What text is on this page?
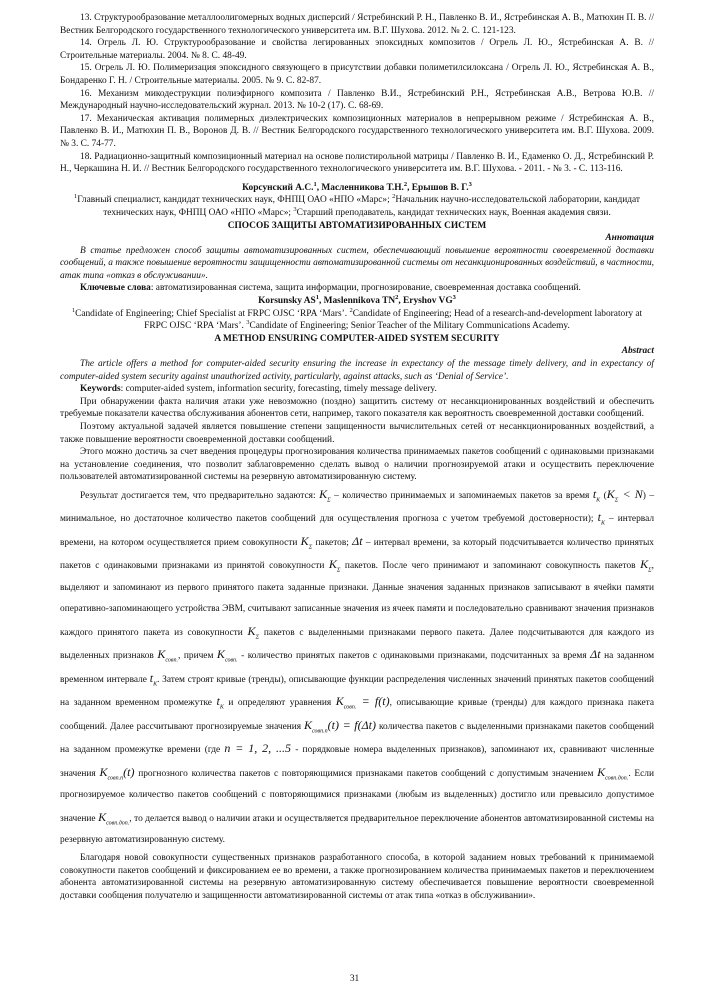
13. Структурообразование металлоолигомерных водных дисперсий / Ястребинский Р. Н., Павленко В. И., Ястребинская А. В., Матюхин П. В. // Вестник Белгородского государственного технологического университета им. В.Г. Шухова. 2012. № 2. С. 121-123.

14. Огрель Л. Ю. Структурообразование и свойства легированных эпоксидных композитов / Огрель Л. Ю., Ястребинская А. В. // Строительные материалы. 2004. № 8. С. 48-49.

15. Огрель Л. Ю. Полимеризация эпоксидного связующего в присутствии добавки полиметилсилоксана / Огрель Л. Ю., Ястребинская А. В., Бондаренко Г. Н. / Строительные материалы. 2005. № 9. С. 82-87.

16. Механизм микодеструкции полиэфирного композита / Павленко В.И., Ястребинский Р.Н., Ястребинская А.В., Ветрова Ю.В. // Международный научно-исследовательский журнал. 2013. № 10-2 (17). С. 68-69.

17. Механическая активация полимерных диэлектрических композиционных материалов в непрерывном режиме / Ястребинская А. В., Павленко В. И., Матюхин П. В., Воронов Д. В. // Вестник Белгородского государственного технологического университета им. В.Г. Шухова. 2009. № 3. С. 74-77.

18. Радиационно-защитный композиционный материал на основе полистирольной матрицы / Павленко В. И., Едаменко О. Д., Ястребинский Р. Н., Черкашина Н. И. // Вестник Белгородского государственного технологического университета им. В.Г. Шухова. - 2011. - № 3. - С. 113-116.

Корсунский А.С.$^1$, Масленникова Т.Н.$^2$, Ерышов В. Г.$^3$

$^1$Главный специалист, кандидат технических наук, ФНПЦ ОАО «НПО «Марс»; $^2$Начальник научно-исследовательской лаборатории, кандидат технических наук, ФНПЦ ОАО «НПО «Марс»; $^3$Старший преподаватель, кандидат технических наук, Военная академия связи.

СПОСОБ ЗАЩИТЫ АВТОМАТИЗИРОВАННЫХ СИСТЕМ

Аннотация

В статье предложен способ защиты автоматизированных систем, обеспечивающий повышение вероятности своевременной доставки сообщений, а также повышение вероятности защищенности автоматизированной системы от несанкционированных воздействий, в частности, атак типа «отказ в обслуживании».

Ключевые слова: автоматизированная система, защита информации, прогнозирование, своевременная доставка сообщений.

Korsunsky $AS^1$, Maslennikova $TN^2$, Eryshov $VG^3$

$^1$Candidate of Engineering; Chief Specialist at FRPC OJSC ‘RPA ‘Mars’. $^2$Candidate of Engineering; Head of a research-and-development laboratory at FRPC OJSC ‘RPA ‘Mars’. $^3$Candidate of Engineering; Senior Teacher of the Military Communications Academy.

A METHOD ENSURING COMPUTER-AIDED SYSTEM SECURITY

Abstract

The article offers a method for computer-aided security ensuring the increase in expectancy of the message timely delivery, and in expectancy of computer-aided system security against unauthorized activity, particularly, against attacks, such as ‘Denial of Service’.

Keywords: computer-aided system, information security, forecasting, timely message delivery.

При обнаружении факта наличия атаки уже невозможно (поздно) защитить систему от несанкционированных воздействий и обеспечить требуемые показатели качества обслуживания абонентов сети, например, такого показателя как вероятность своевременной доставки сообщений.

Поэтому актуальной задачей является повышение степени защищенности вычислительных сетей от несанкционированных воздействий, а также повышение вероятности своевременной доставки сообщений.

Этого можно достичь за счет введения процедуры прогнозирования количества принимаемых пакетов сообщений с одинаковыми признаками на установление соединения, что позволит заблаговременно сделать вывод о наличии прогнозируемой атаки и осуществить переключение пользователей автоматизированной системы на резервную автоматизированную систему.

Результат достигается тем, что предварительно задаются: $K_\Sigma$ – количество принимаемых и запоминаемых пакетов за время $t_K$ $(K_\Sigma < N)$ – минимальное, но достаточное количество пакетов сообщений для осуществления прогноза с учетом требуемой достоверности); $t_K$ – интервал времени, на котором осуществляется прием совокупности $K_\Sigma$ пакетов; Δt – интервал времени, за который подсчитывается количество принятых пакетов с одинаковыми признаками из принятой совокупности $K_\Sigma$ пакетов. После чего принимают и запоминают совокупность пакетов $K_\Sigma$, выделяют и запоминают из первого принятого пакета заданные признаки. Данные значения заданных признаков записывают в ячейки памяти оперативно-запоминающего устройства ЭВМ, считывают записанные значения из ячеек памяти и последовательно сравнивают значения признаков каждого принятого пакета из совокупности $K_\Sigma$ пакетов с выделенными признаками первого пакета. Далее подсчитываются для каждого из выделенных признаков $K_{совп.}$, причем $K_{совп.}$ - количество принятых пакетов с одинаковыми признаками, подсчитанных за время Δt на заданном временном интервале $t_K$. Затем строят кривые (тренды), описывающие функции распределения численных значений принятых пакетов сообщений на заданном временном промежутке $t_K$ и определяют уравнения $K_{совп.} = f(t)$, описывающие кривые (тренды) для каждого признака пакета сообщений. Далее рассчитывают прогнозируемые значения $K_{совп.n}(t) = f(\Delta t)$ количества пакетов с выделенными признаками пакетов сообщений на заданном промежутке времени (где n = 1, 2, ...5 - порядковые номера выделенных признаков), запоминают их, сравнивают численные значения $K_{совп.n}(t)$ прогнозного количества пакетов с повторяющимися признаками пакетов сообщений с допустимым значением $K_{совп.доп.}$. Если прогнозируемое количество пакетов сообщений с повторяющимися признаками (любым из выделенных) достигло или превысило допустимое значение $K_{совп.доп.}$, то делается вывод о наличии атаки и осуществляется предварительное переключение абонентов автоматизированной системы на резервную автоматизированную систему.

Благодаря новой совокупности существенных признаков разработанного способа, в которой заданием новых требований к принимаемой совокупности пакетов сообщений и фиксированием ее во времени, а также прогнозированием количества принимаемых пакетов и переключением абонента автоматизированной системы на резервную автоматизированную систему обеспечивается повышение вероятности своевременной доставки сообщения получателю и защищенности автоматизированной системы от атак типа «отказ в обслуживании».

31
